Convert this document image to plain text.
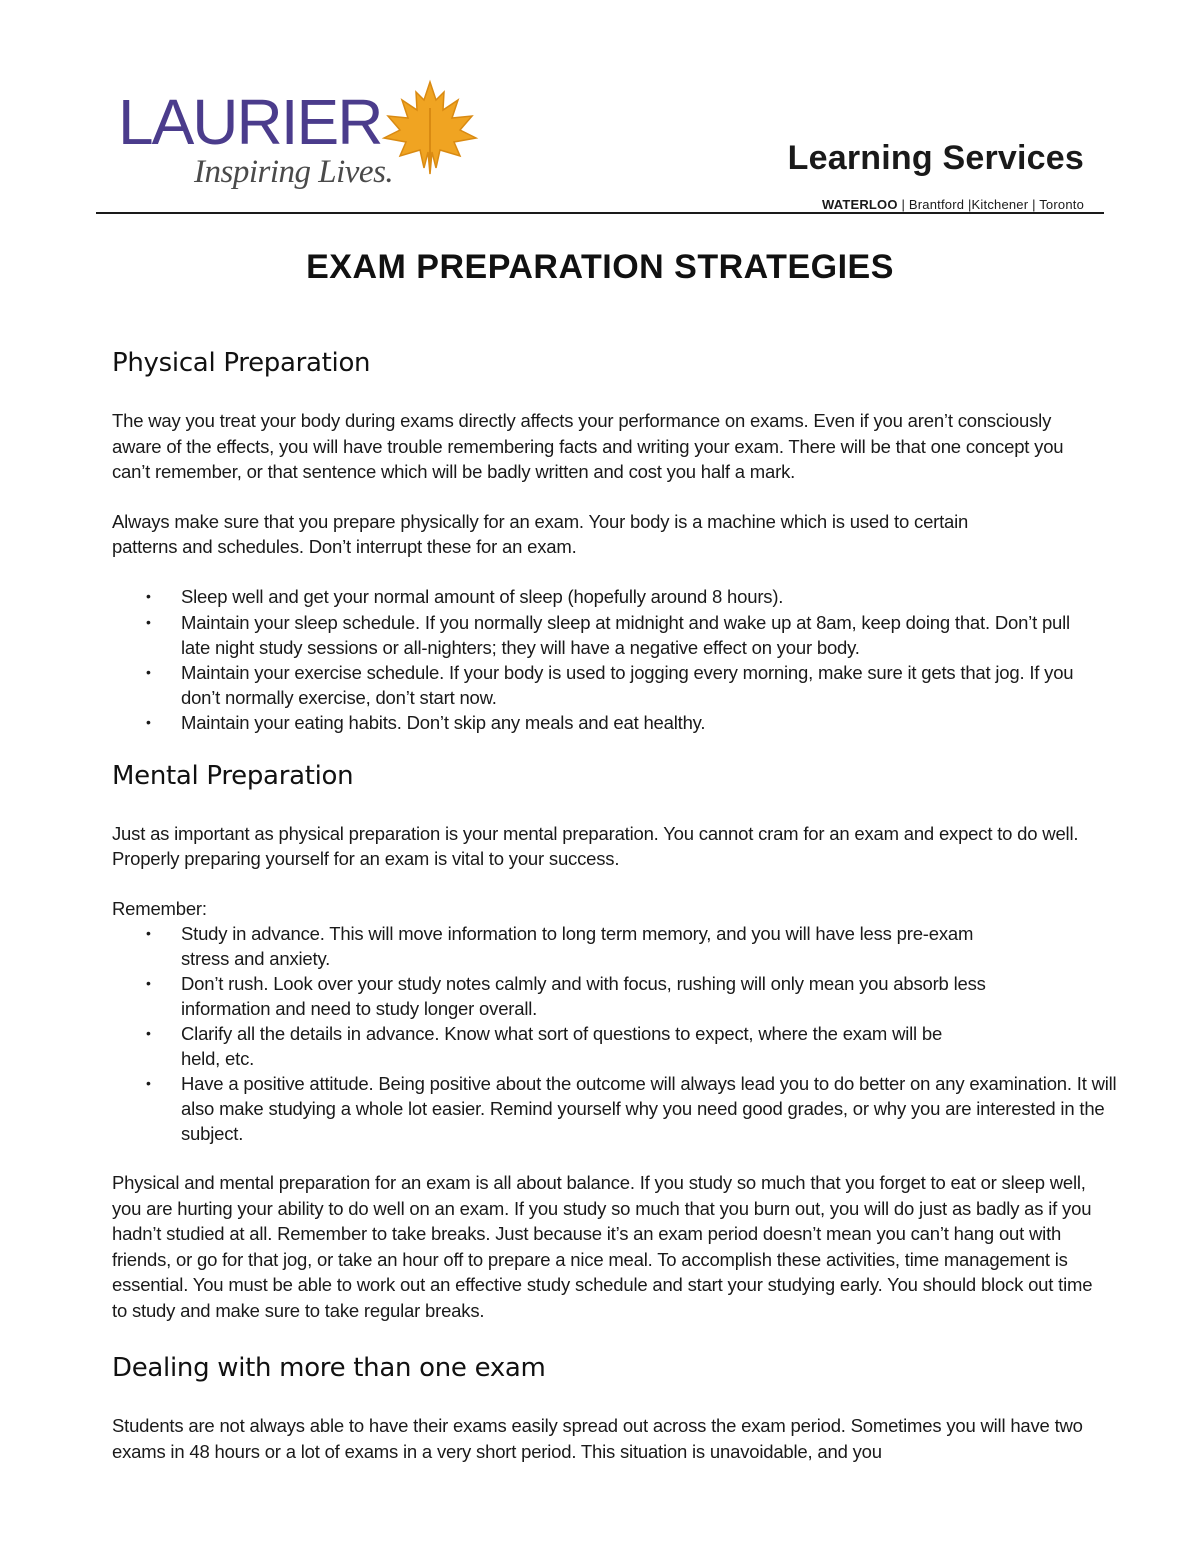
LAURIER
Inspiring Lives.	Learning Services
WATERLOO | Brantford |Kitchener | Toronto
EXAM PREPARATION STRATEGIES
Physical Preparation

The way you treat your body during exams directly affects your performance on exams. Even if you aren’t consciously aware of the effects, you will have trouble remembering facts and writing your exam. There will be that one concept you can’t remember, or that sentence which will be badly written and cost you half a mark.

Always make sure that you prepare physically for an exam. Your body is a machine which is used to certain patterns and schedules. Don’t interrupt these for an exam.

• Sleep well and get your normal amount of sleep (hopefully around 8 hours).
• Maintain your sleep schedule. If you normally sleep at midnight and wake up at 8am, keep doing that. Don’t pull late night study sessions or all-nighters; they will have a negative effect on your body.
• Maintain your exercise schedule. If your body is used to jogging every morning, make sure it gets that jog. If you don’t normally exercise, don’t start now.
• Maintain your eating habits. Don’t skip any meals and eat healthy.
Mental Preparation

Just as important as physical preparation is your mental preparation. You cannot cram for an exam and expect to do well. Properly preparing yourself for an exam is vital to your success.

Remember:

• Study in advance. This will move information to long term memory, and you will have less pre-exam stress and anxiety.
• Don’t rush. Look over your study notes calmly and with focus, rushing will only mean you absorb less information and need to study longer overall.
• Clarify all the details in advance. Know what sort of questions to expect, where the exam will be held, etc.
• Have a positive attitude. Being positive about the outcome will always lead you to do better on any examination. It will also make studying a whole lot easier. Remind yourself why you need good grades, or why you are interested in the subject.

Physical and mental preparation for an exam is all about balance. If you study so much that you forget to eat or sleep well, you are hurting your ability to do well on an exam. If you study so much that you burn out, you will do just as badly as if you hadn’t studied at all. Remember to take breaks. Just because it’s an exam period doesn’t mean you can’t hang out with friends, or go for that jog, or take an hour off to prepare a nice meal. To accomplish these activities, time management is essential. You must be able to work out an effective study schedule and start your studying early. You should block out time to study and make sure to take regular breaks.

Dealing with more than one exam

Students are not always able to have their exams easily spread out across the exam period. Sometimes you will have two exams in 48 hours or a lot of exams in a very short period. This situation is unavoidable, and you
